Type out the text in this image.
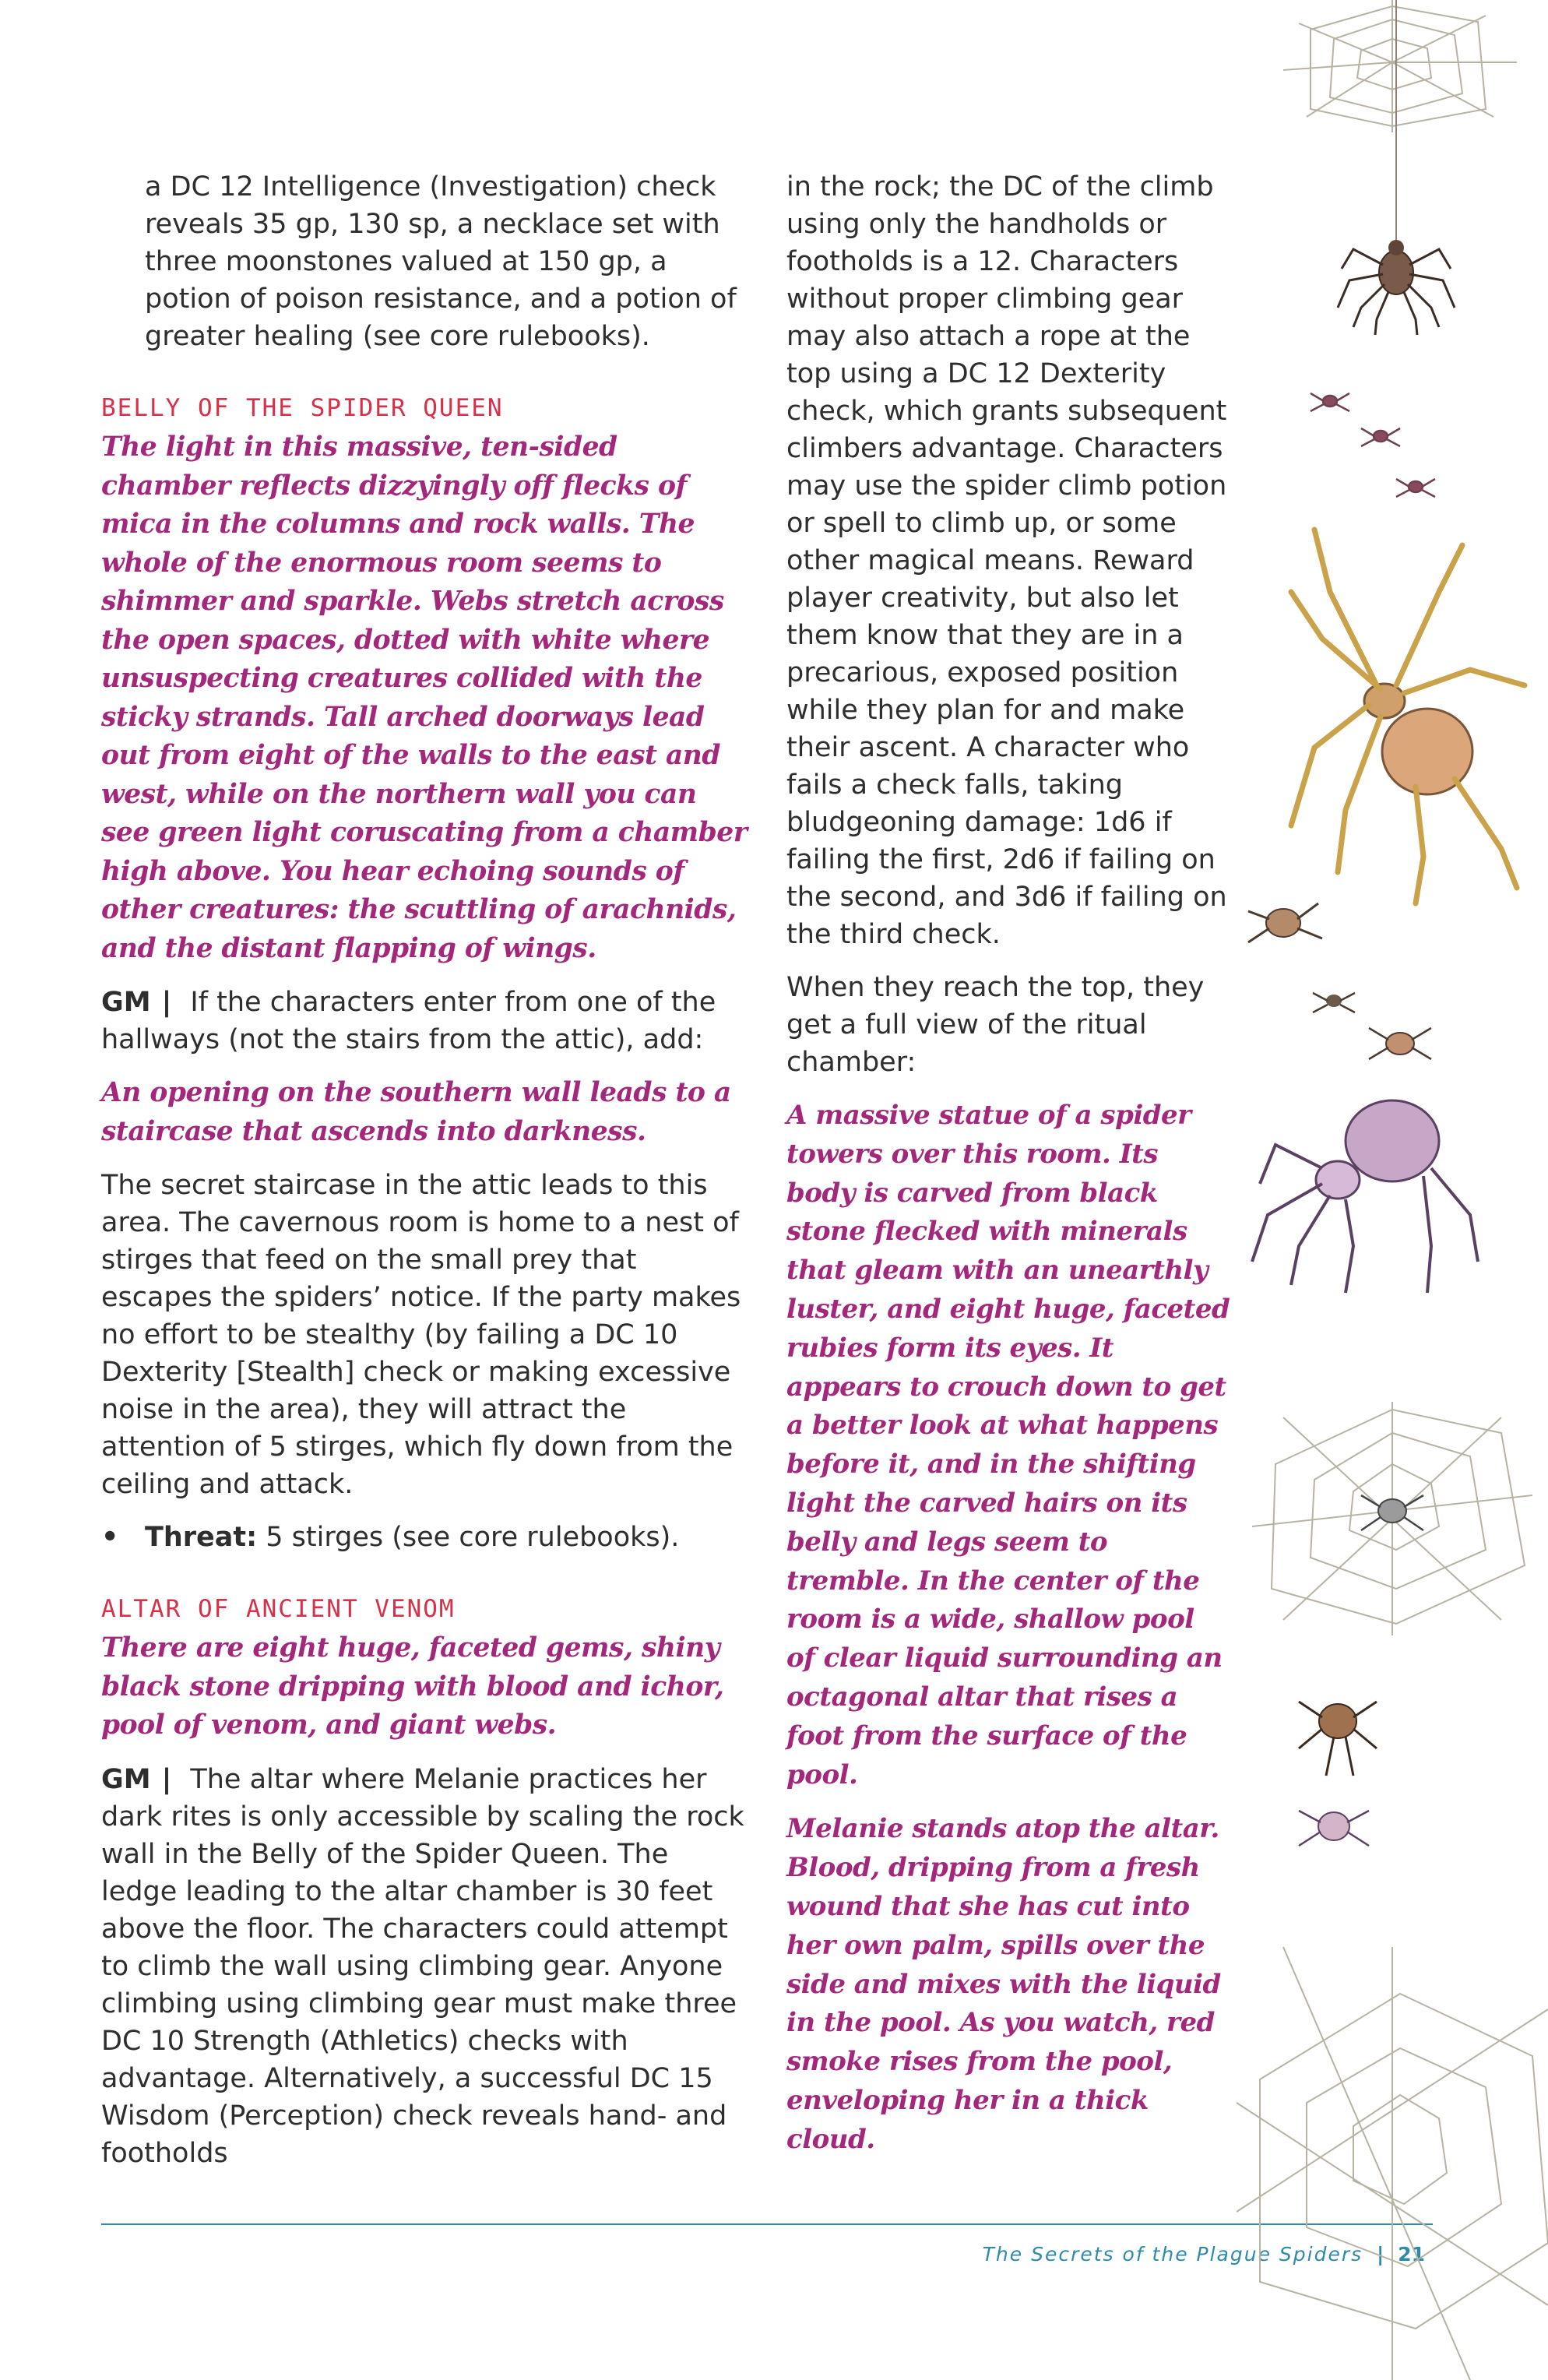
a DC 12 Intelligence (Investigation) check reveals 35 gp, 130 sp, a necklace set with three moonstones valued at 150 gp, a potion of poison resistance, and a potion of greater healing (see core rulebooks).

BELLY OF THE SPIDER QUEEN

The light in this massive, ten-sided chamber reflects dizzyingly off flecks of mica in the columns and rock walls. The whole of the enormous room seems to shimmer and sparkle. Webs stretch across the open spaces, dotted with white where unsuspecting creatures collided with the sticky strands. Tall arched doorways lead out from eight of the walls to the east and west, while on the northern wall you can see green light coruscating from a chamber high above. You hear echoing sounds of other creatures: the scuttling of arachnids, and the distant flapping of wings.

GM | If the characters enter from one of the hallways (not the stairs from the attic), add:

An opening on the southern wall leads to a staircase that ascends into darkness.

The secret staircase in the attic leads to this area. The cavernous room is home to a nest of stirges that feed on the small prey that escapes the spiders’ notice. If the party makes no effort to be stealthy (by failing a DC 10 Dexterity [Stealth] check or making excessive noise in the area), they will attract the attention of 5 stirges, which fly down from the ceiling and attack.

• Threat: 5 stirges (see core rulebooks).
ALTAR OF ANCIENT VENOM

There are eight huge, faceted gems, shiny black stone dripping with blood and ichor, pool of venom, and giant webs.

GM | The altar where Melanie practices her dark rites is only accessible by scaling the rock wall in the Belly of the Spider Queen. The ledge leading to the altar chamber is 30 feet above the floor. The characters could attempt to climb the wall using climbing gear. Anyone climbing using climbing gear must make three DC 10 Strength (Athletics) checks with advantage. Alternatively, a successful DC 15 Wisdom (Perception) check reveals hand- and footholds

in the rock; the DC of the climb using only the handholds or footholds is a 12. Characters without proper climbing gear may also attach a rope at the top using a DC 12 Dexterity check, which grants subsequent climbers advantage. Characters may use the spider climb potion or spell to climb up, or some other magical means. Reward player creativity, but also let them know that they are in a precarious, exposed position while they plan for and make their ascent. A character who fails a check falls, taking bludgeoning damage: 1d6 if failing the first, 2d6 if failing on the second, and 3d6 if failing on the third check.

When they reach the top, they get a full view of the ritual chamber:

A massive statue of a spider towers over this room. Its body is carved from black stone flecked with minerals that gleam with an unearthly luster, and eight huge, faceted rubies form its eyes. It appears to crouch down to get a better look at what happens before it, and in the shifting light the carved hairs on its belly and legs seem to tremble. In the center of the room is a wide, shallow pool of clear liquid surrounding an octagonal altar that rises a foot from the surface of the pool.

Melanie stands atop the altar. Blood, dripping from a fresh wound that she has cut into her own palm, spills over the side and mixes with the liquid in the pool. As you watch, red smoke rises from the pool, enveloping her in a thick cloud.

The Secrets of the Plague Spiders | 21
